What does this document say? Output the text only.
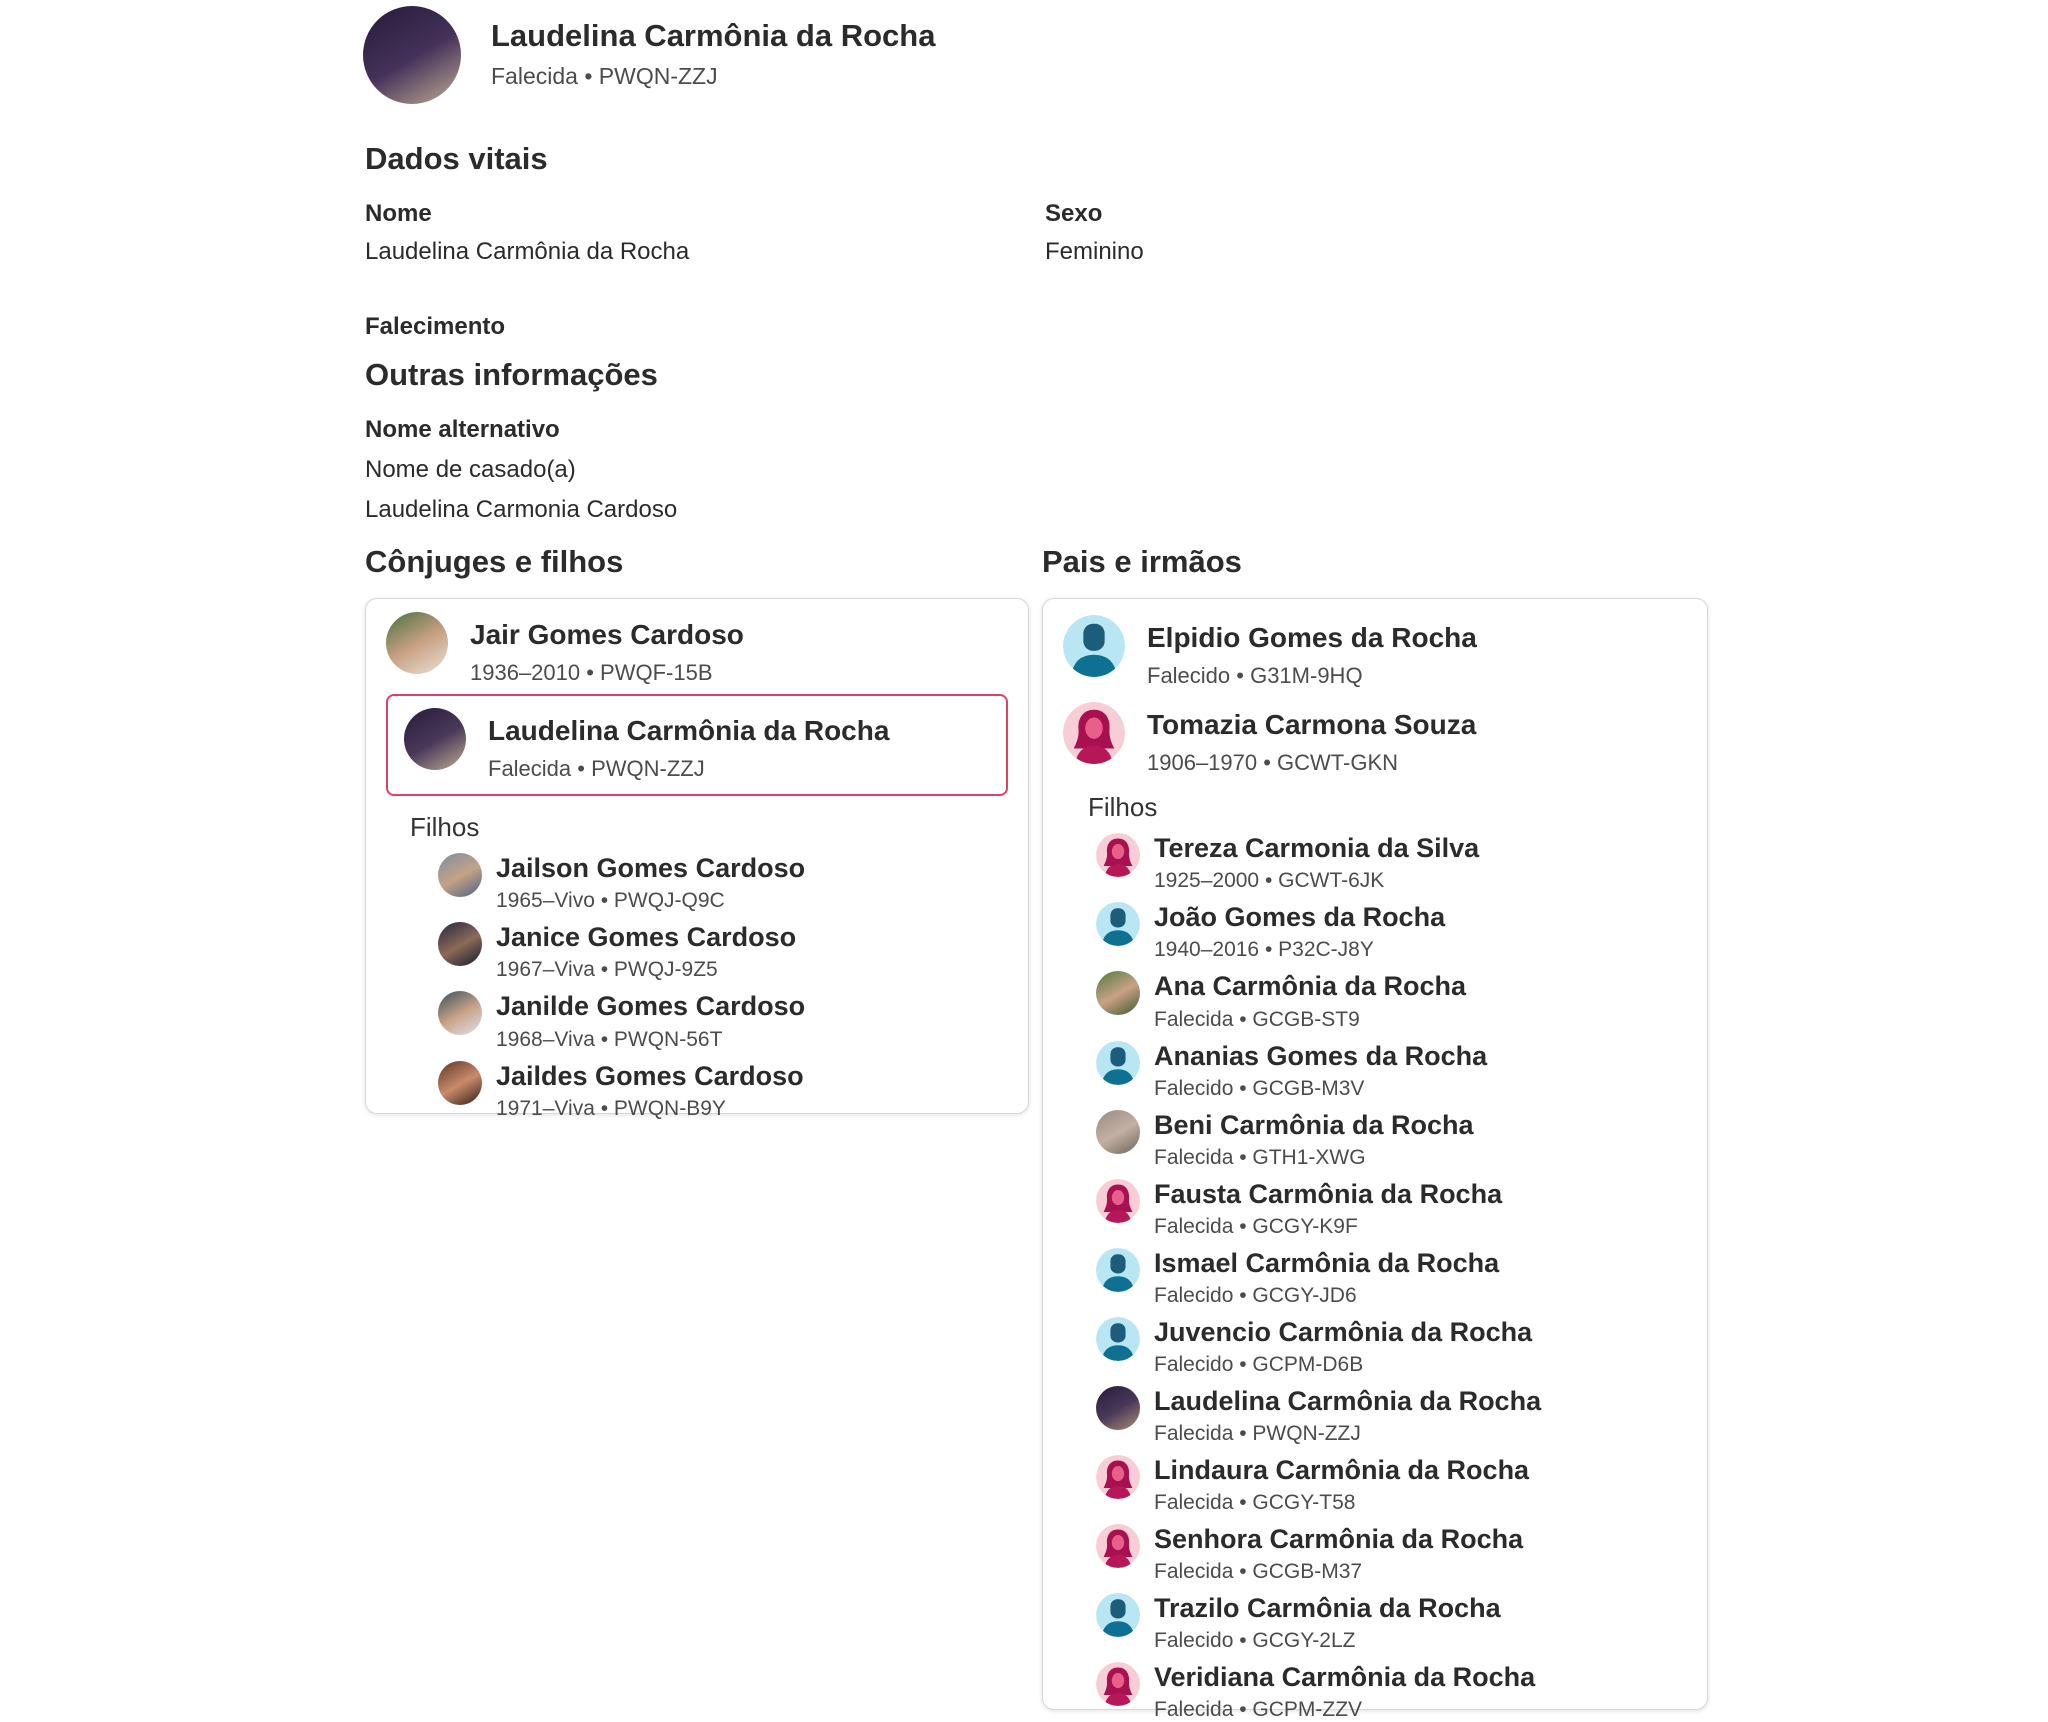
Laudelina Carmônia da Rocha
Falecida • PWQN-ZZJ
Dados vitais
Nome
Laudelina Carmônia da Rocha
Sexo
Feminino
Falecimento
Outras informações
Nome alternativo
Nome de casado(a)
Laudelina Carmonia Cardoso
Cônjuges e filhos	Pais e irmãos
Jair Gomes Cardoso
1936–2010 • PWQF-15B
Laudelina Carmônia da Rocha
Falecida • PWQN-ZZJ
Filhos
Jailson Gomes Cardoso
1965–Vivo • PWQJ-Q9C
Janice Gomes Cardoso
1967–Viva • PWQJ-9Z5
Janilde Gomes Cardoso
1968–Viva • PWQN-56T
Jaildes Gomes Cardoso
1971–Viva • PWQN-B9Y
Elpidio Gomes da Rocha
Falecido • G31M-9HQ
Tomazia Carmona Souza
1906–1970 • GCWT-GKN
Filhos
Tereza Carmonia da Silva
1925–2000 • GCWT-6JK
João Gomes da Rocha
1940–2016 • P32C-J8Y
Ana Carmônia da Rocha
Falecida • GCGB-ST9
Ananias Gomes da Rocha
Falecido • GCGB-M3V
Beni Carmônia da Rocha
Falecida • GTH1-XWG
Fausta Carmônia da Rocha
Falecida • GCGY-K9F
Ismael Carmônia da Rocha
Falecido • GCGY-JD6
Juvencio Carmônia da Rocha
Falecido • GCPM-D6B
Laudelina Carmônia da Rocha
Falecida • PWQN-ZZJ
Lindaura Carmônia da Rocha
Falecida • GCGY-T58
Senhora Carmônia da Rocha
Falecida • GCGB-M37
Trazilo Carmônia da Rocha
Falecido • GCGY-2LZ
Veridiana Carmônia da Rocha
Falecida • GCPM-ZZV
